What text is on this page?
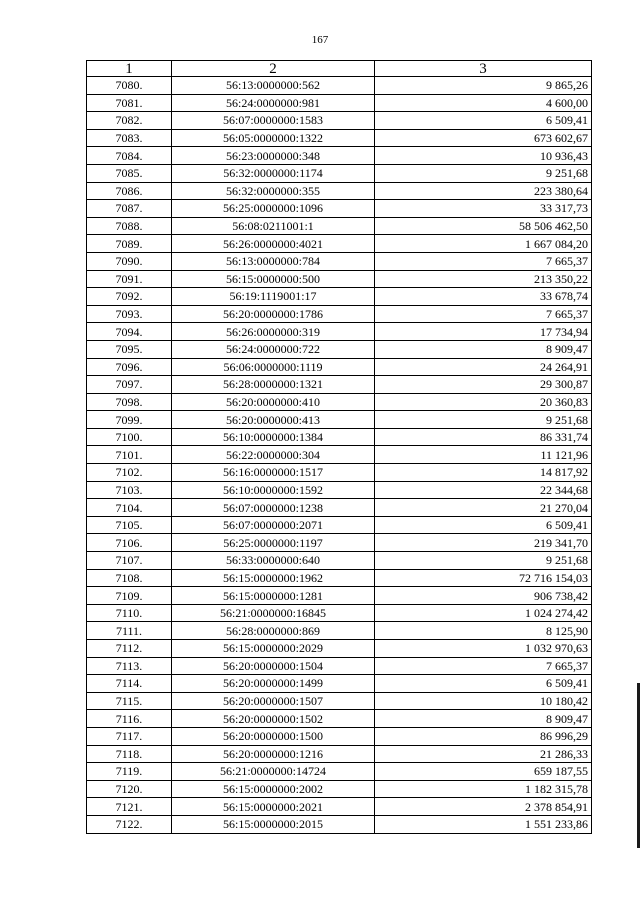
167
1	2	3
7080.	56:13:0000000:562	9 865,26
7081.	56:24:0000000:981	4 600,00
7082.	56:07:0000000:1583	6 509,41
7083.	56:05:0000000:1322	673 602,67
7084.	56:23:0000000:348	10 936,43
7085.	56:32:0000000:1174	9 251,68
7086.	56:32:0000000:355	223 380,64
7087.	56:25:0000000:1096	33 317,73
7088.	56:08:0211001:1	58 506 462,50
7089.	56:26:0000000:4021	1 667 084,20
7090.	56:13:0000000:784	7 665,37
7091.	56:15:0000000:500	213 350,22
7092.	56:19:1119001:17	33 678,74
7093.	56:20:0000000:1786	7 665,37
7094.	56:26:0000000:319	17 734,94
7095.	56:24:0000000:722	8 909,47
7096.	56:06:0000000:1119	24 264,91
7097.	56:28:0000000:1321	29 300,87
7098.	56:20:0000000:410	20 360,83
7099.	56:20:0000000:413	9 251,68
7100.	56:10:0000000:1384	86 331,74
7101.	56:22:0000000:304	11 121,96
7102.	56:16:0000000:1517	14 817,92
7103.	56:10:0000000:1592	22 344,68
7104.	56:07:0000000:1238	21 270,04
7105.	56:07:0000000:2071	6 509,41
7106.	56:25:0000000:1197	219 341,70
7107.	56:33:0000000:640	9 251,68
7108.	56:15:0000000:1962	72 716 154,03
7109.	56:15:0000000:1281	906 738,42
7110.	56:21:0000000:16845	1 024 274,42
7111.	56:28:0000000:869	8 125,90
7112.	56:15:0000000:2029	1 032 970,63
7113.	56:20:0000000:1504	7 665,37
7114.	56:20:0000000:1499	6 509,41
7115.	56:20:0000000:1507	10 180,42
7116.	56:20:0000000:1502	8 909,47
7117.	56:20:0000000:1500	86 996,29
7118.	56:20:0000000:1216	21 286,33
7119.	56:21:0000000:14724	659 187,55
7120.	56:15:0000000:2002	1 182 315,78
7121.	56:15:0000000:2021	2 378 854,91
7122.	56:15:0000000:2015	1 551 233,86
